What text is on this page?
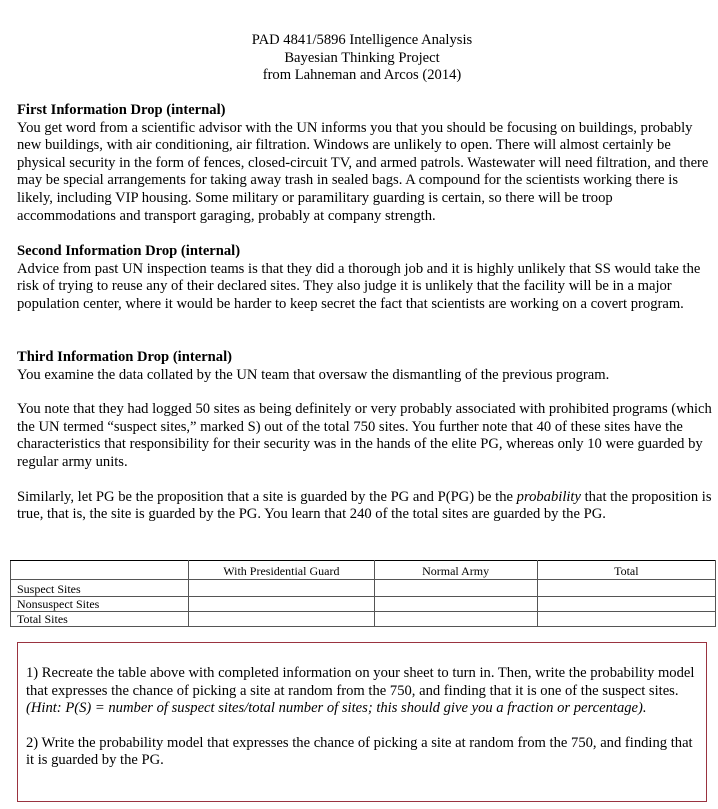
PAD 4841/5896 Intelligence Analysis
Bayesian Thinking Project
from Lahneman and Arcos (2014)
First Information Drop (internal)

You get word from a scientific advisor with the UN informs you that you should be focusing on buildings, probably new buildings, with air conditioning, air filtration. Windows are unlikely to open. There will almost certainly be physical security in the form of fences, closed-circuit TV, and armed patrols. Wastewater will need filtration, and there may be special arrangements for taking away trash in sealed bags. A compound for the scientists working there is likely, including VIP housing. Some military or paramilitary guarding is certain, so there will be troop accommodations and transport garaging, probably at company strength.

Second Information Drop (internal)

Advice from past UN inspection teams is that they did a thorough job and it is highly unlikely that SS would take the risk of trying to reuse any of their declared sites. They also judge it is unlikely that the facility will be in a major population center, where it would be harder to keep secret the fact that scientists are working on a covert program.

Third Information Drop (internal)

You examine the data collated by the UN team that oversaw the dismantling of the previous program.

You note that they had logged 50 sites as being definitely or very probably associated with prohibited programs (which the UN termed “suspect sites,” marked S) out of the total 750 sites. You further note that 40 of these sites have the characteristics that responsibility for their security was in the hands of the elite PG, whereas only 10 were guarded by regular army units.

Similarly, let PG be the proposition that a site is guarded by the PG and P(PG) be the probability that the proposition is true, that is, the site is guarded by the PG. You learn that 240 of the total sites are guarded by the PG.

	With Presidential Guard	Normal Army	Total
Suspect Sites			
Nonsuspect Sites			
Total Sites			

1) Recreate the table above with completed information on your sheet to turn in. Then, write the probability model that expresses the chance of picking a site at random from the 750, and finding that it is one of the suspect sites. (Hint: P(S) = number of suspect sites/total number of sites; this should give you a fraction or percentage).

2) Write the probability model that expresses the chance of picking a site at random from the 750, and finding that it is guarded by the PG.
